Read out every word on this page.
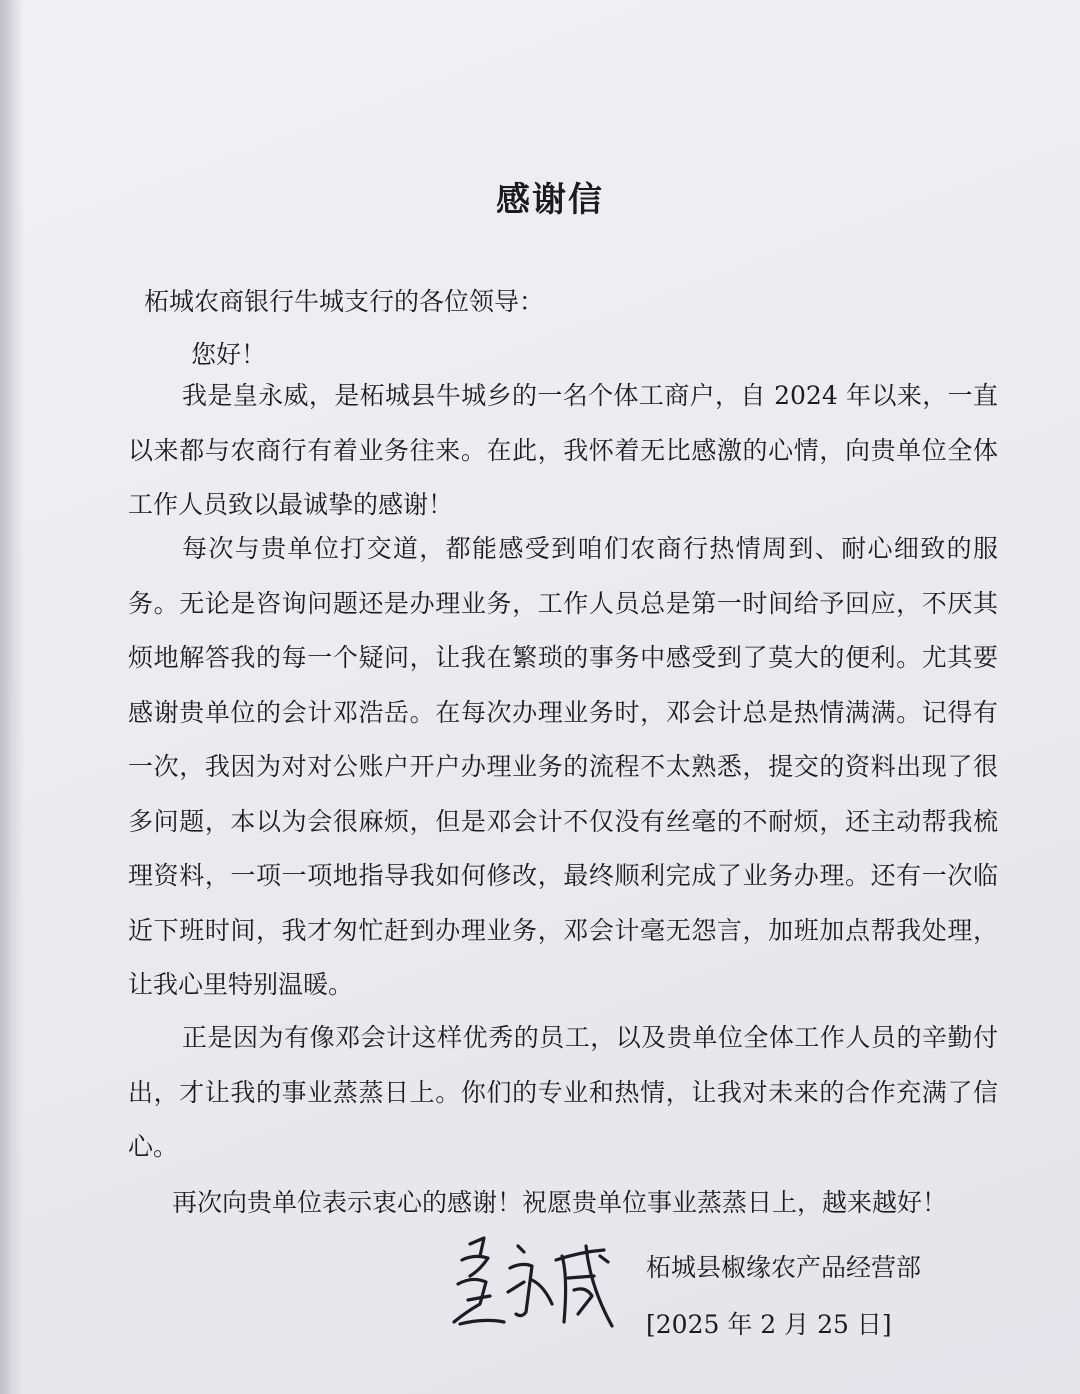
感谢信
柘城农商银行牛城支行的各位领导：
您好！
我是皇永威，是柘城县牛城乡的一名个体工商户，自 2024 年以来，一直以来都与农商行有着业务往来。在此，我怀着无比感激的心情，向贵单位全体工作人员致以最诚挚的感谢！
每次与贵单位打交道，都能感受到咱们农商行热情周到、耐心细致的服务。无论是咨询问题还是办理业务，工作人员总是第一时间给予回应，不厌其烦地解答我的每一个疑问，让我在繁琐的事务中感受到了莫大的便利。尤其要感谢贵单位的会计邓浩岳。在每次办理业务时，邓会计总是热情满满。记得有一次，我因为对对公账户开户办理业务的流程不太熟悉，提交的资料出现了很多问题，本以为会很麻烦，但是邓会计不仅没有丝毫的不耐烦，还主动帮我梳理资料，一项一项地指导我如何修改，最终顺利完成了业务办理。还有一次临近下班时间，我才匆忙赶到办理业务，邓会计毫无怨言，加班加点帮我处理，让我心里特别温暖。
正是因为有像邓会计这样优秀的员工，以及贵单位全体工作人员的辛勤付出，才让我的事业蒸蒸日上。你们的专业和热情，让我对未来的合作充满了信心。
再次向贵单位表示衷心的感谢！祝愿贵单位事业蒸蒸日上，越来越好！
柘城县椒缘农产品经营部
[2025 年 2 月 25 日]
